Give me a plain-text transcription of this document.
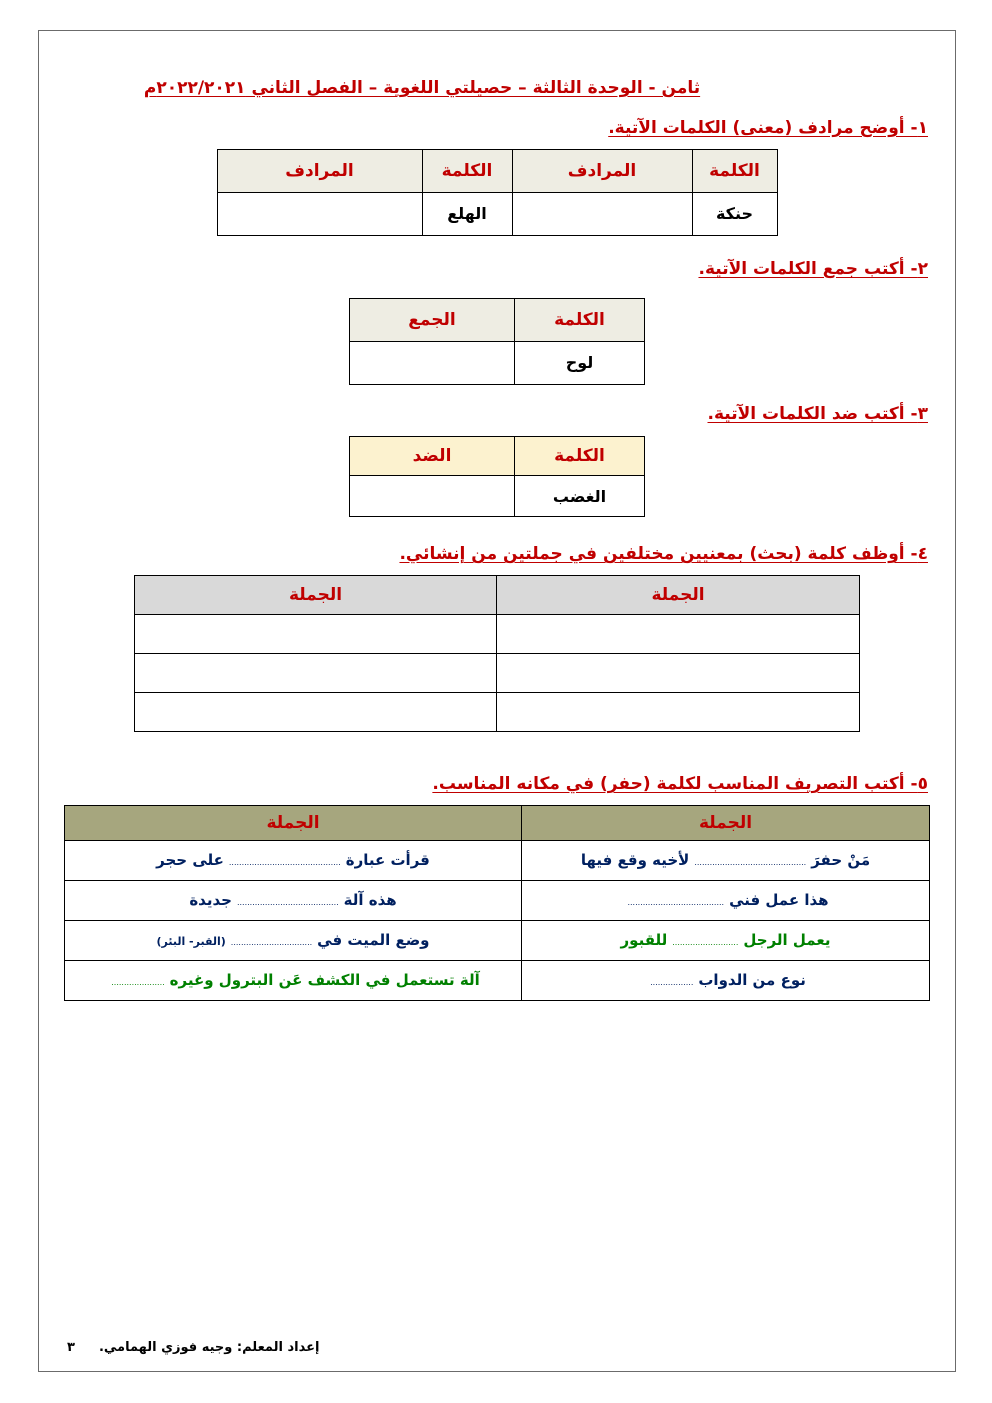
ثامن - الوحدة الثالثة – حصيلتي اللغوية – الفصل الثاني ٢٠٢٢/٢٠٢١م
١- أوضح مرادف (معنى) الكلمات الآتية.
الكلمة	المرادف	الكلمة	المرادف
حنكة		الهلع	
٢- أكتب جمع الكلمات الآتية.
الكلمة	الجمع
لوح	
٣- أكتب ضد الكلمات الآتية.
الكلمة	الضد
الغضب	
٤- أوظف كلمة (بحث) بمعنيين مختلفين في جملتين من إنشائي.
الجملة	الجملة

٥- أكتب التصريف المناسب لكلمة (حفر) في مكانه المناسب.
الجملة	الجملة
مَنْ حفرَ............................................لأخيه وقع فيها	قرأت عبارة............................................على حجر
هذا عمل فني......................................	هذه آلة........................................جديدة
يعمل الرجل..........................للقبور	وضع الميت في................................(القبر- البئر)
نوع من الدواب.................	آلة تستعمل في الكشف عَن البترول وغيره.....................
٣ إعداد المعلم: وجيه فوزي الهمامي.
